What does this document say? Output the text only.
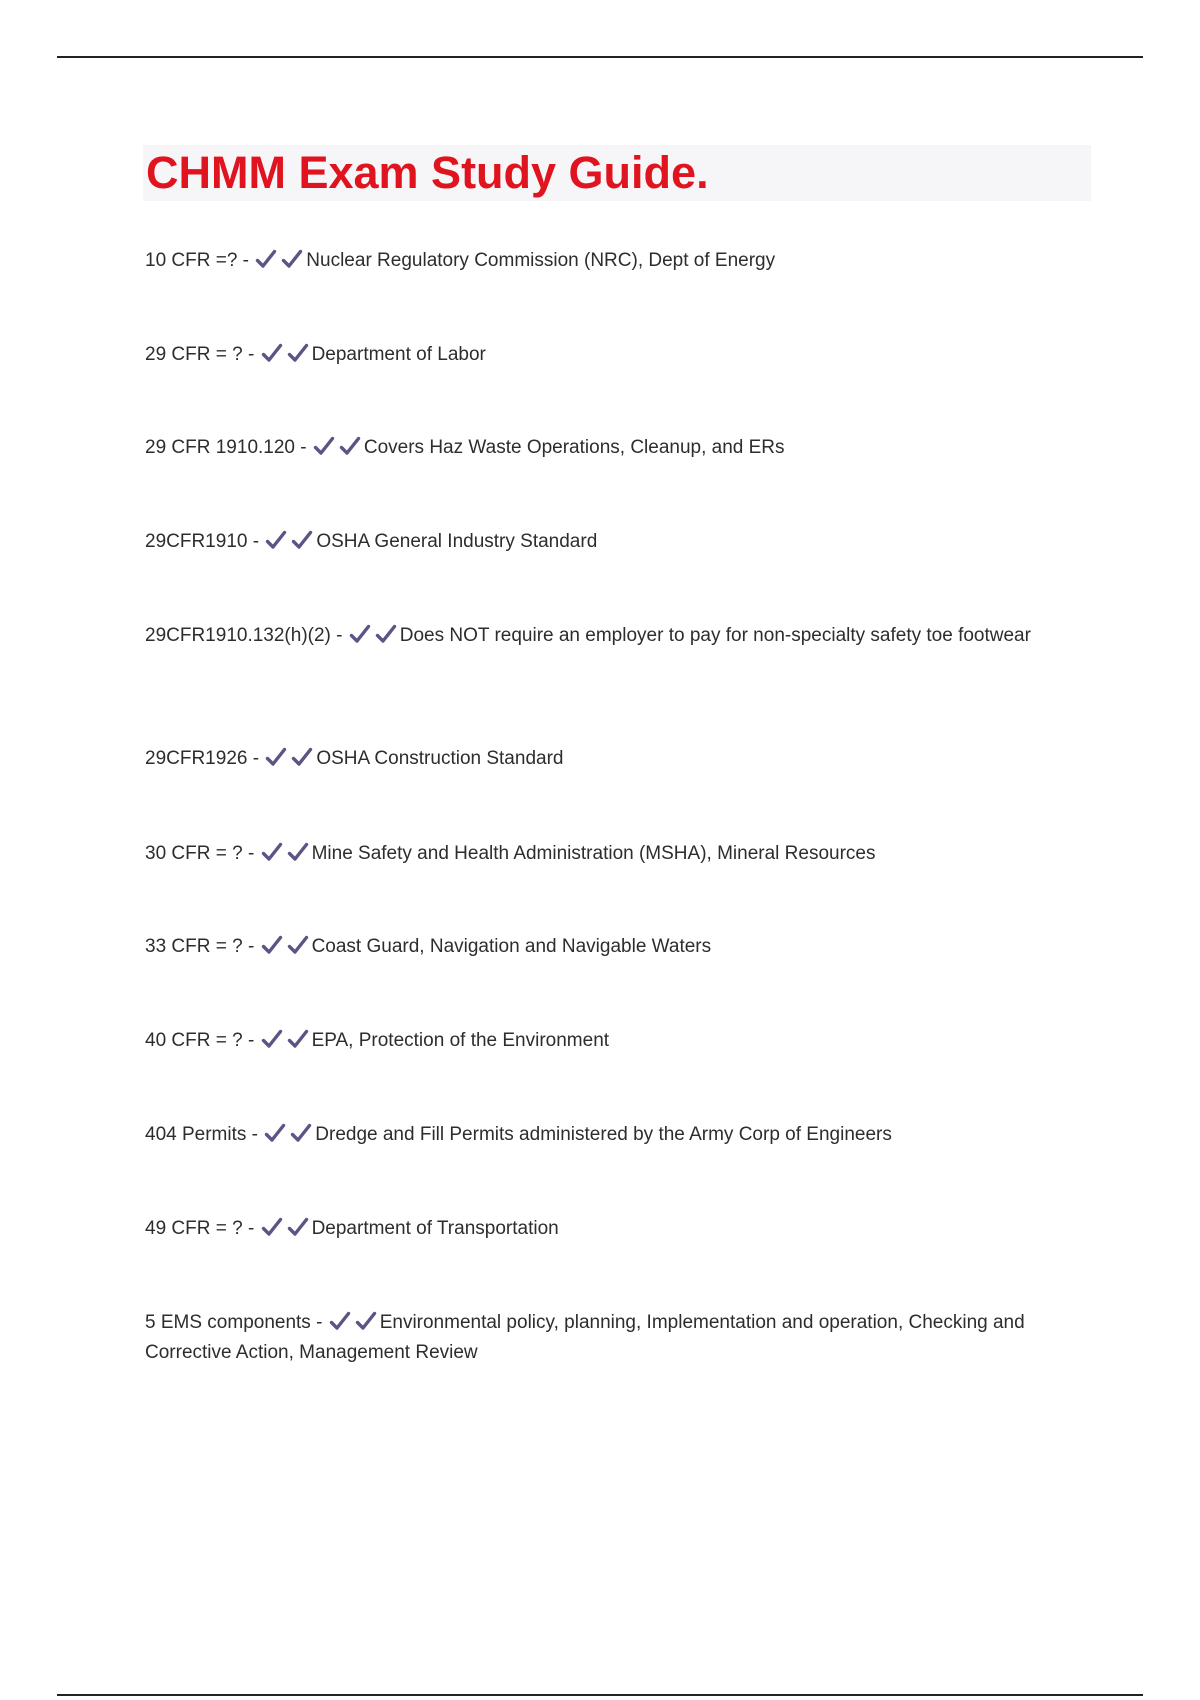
CHMM Exam Study Guide.
10 CFR =? -	Nuclear Regulatory Commission (NRC), Dept of Energy
29 CFR = ? -	Department of Labor
29 CFR 1910.120 -	Covers Haz Waste Operations, Cleanup, and ERs
29CFR1910 -	OSHA General Industry Standard
29CFR1910.132(h)(2) -	Does NOT require an employer to pay for non-specialty safety toe footwear
29CFR1926 -	OSHA Construction Standard
30 CFR = ? -	Mine Safety and Health Administration (MSHA), Mineral Resources
33 CFR = ? -	Coast Guard, Navigation and Navigable Waters
40 CFR = ? -	EPA, Protection of the Environment
404 Permits -	Dredge and Fill Permits administered by the Army Corp of Engineers
49 CFR = ? -	Department of Transportation
5 EMS components -	Environmental policy, planning, Implementation and operation, Checking and Corrective Action, Management Review
